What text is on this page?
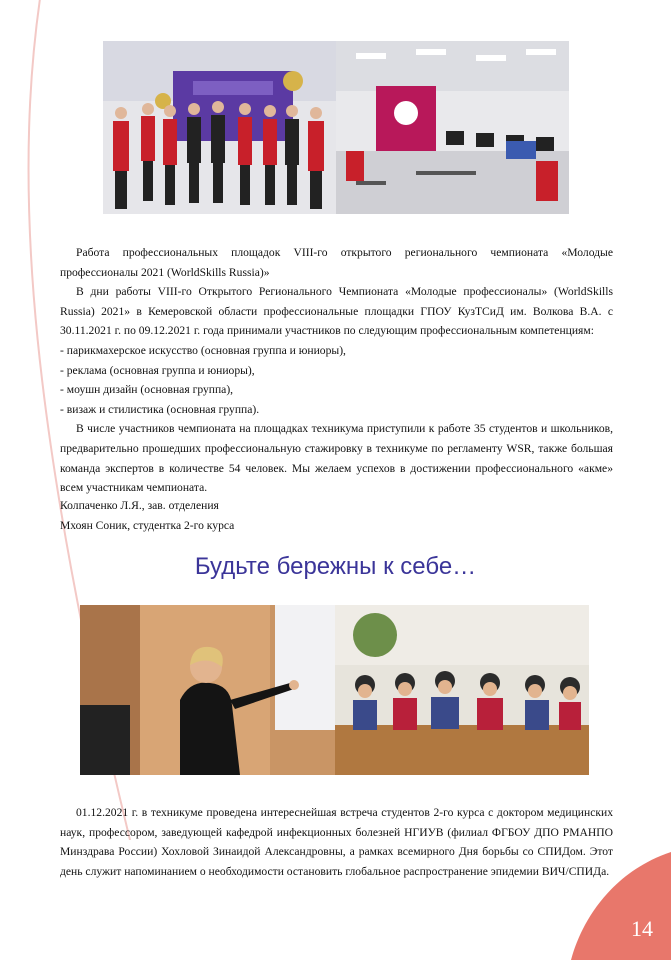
Работа профессиональных площадок VIII-го открытого регионального чемпионата «Молодые профессионалы 2021 (WorldSkills Russia)»

В дни работы VIII-го Открытого Регионального Чемпионата «Молодые профессионалы» (WorldSkills Russia) 2021» в Кемеровской области профессиональные площадки ГПОУ КузТСиД им. Волкова В.А. с 30.11.2021 г. по 09.12.2021 г. года принимали участников по следующим профессиональным компетенциям:

- парикмахерское искусство (основная группа и юниоры),

- реклама (основная группа и юниоры),

- моушн дизайн (основная группа),

- визаж и стилистика (основная группа).

В числе участников чемпионата на площадках техникума приступили к работе 35 студентов и школьников, предварительно прошедших профессиональную стажировку в техникуме по регламенту WSR, также большая команда экспертов в количестве 54 человек. Мы желаем успехов в достижении профессионального «акме» всем участникам чемпионата.

Колпаченко Л.Я., зав. отделения
Мхоян Соник, студентка 2-го курса
Будьте бережны к себе…

01.12.2021 г. в техникуме проведена интереснейшая встреча студентов 2-го курса с доктором медицинских наук, профессором, заведующей кафедрой инфекционных болезней НГИУВ (филиал ФГБОУ ДПО РМАНПО Минздрава России) Хохловой Зинаидой Александровны, а рамках всемирного Дня борьбы со СПИДом. Этот день служит напоминанием о необходимости остановить глобальное распространение эпидемии ВИЧ/СПИДа.

14
